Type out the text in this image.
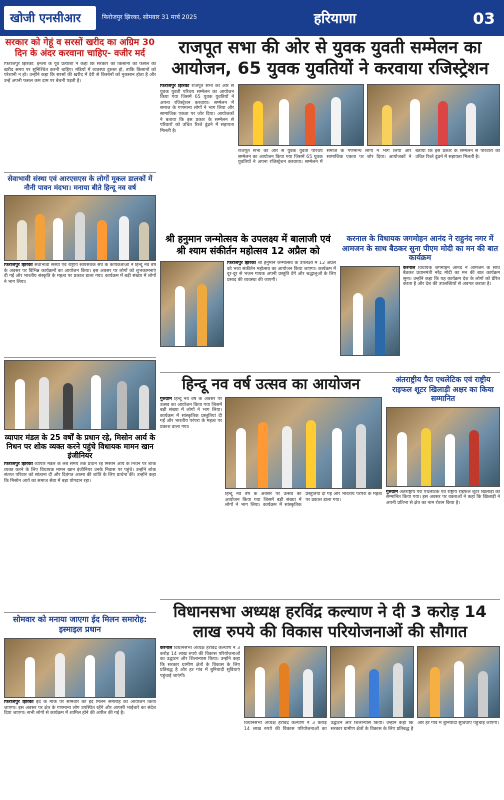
खोजी एनसीआर	फिरोजपुर झिरका, सोमवार 31 मार्च 2025	हरियाणा	03
सरकार को गेहूं व सरसों खरीद का अग्रिम 30 दिन के अंदर करवाना चाहिए- वजीर मर्द
फिरोजपुर झिरका: इनेलो के पूर्व प्रत्याशी ने कहा कि सरकार को किसानों की फसल की खरीद समय पर सुनिश्चित करनी चाहिए। मंडियों में व्यवस्था दुरुस्त हो, ताकि किसानों को परेशानी न हो। उन्होंने कहा कि सरसों की खरीद में देरी से किसानों को नुकसान होता है और उन्हें अपनी फसल कम दाम पर बेचनी पड़ती है।
सेवाभावी संस्था एवं आरएसएस के लोगों मूकल डालकों में नौनी पावन मंदभा। मनाया बीते हिन्दू नव वर्ष
फिरोजपुर झिरका सेवाभावी संस्था एवं राष्ट्रीय स्वयंसेवक संघ के कार्यकर्ताओं ने हिन्दू नव वर्ष के अवसर पर विभिन्न कार्यक्रमों का आयोजन किया। इस अवसर पर लोगों को शुभकामनाएं दी गईं और भारतीय संस्कृति के महत्व पर प्रकाश डाला गया। कार्यक्रम में बड़ी संख्या में लोगों ने भाग लिया।
व्यापार मंडल के 25 वर्षों के प्रधान रहे, मिसोन आर्य के निधन पर शोक व्यक्त करने पहुंचे विधायक मामन खान इंजीनियर
फिरोजपुर झिरका व्यापार मंडल के लंबे समय तक प्रधान रहे मिसोन आर्य के निधन पर शोक व्यक्त करने के लिए विधायक मामन खान इंजीनियर उनके निवास पर पहुंचे। उन्होंने शोक संतप्त परिवार को सांत्वना दी और दिवंगत आत्मा की शांति के लिए प्रार्थना की। उन्होंने कहा कि मिसोन आर्य का समाज सेवा में बड़ा योगदान रहा।
सोमवार को मनाया जाएगा ईद मिलन समारोह: इस्माइल प्रधान
फिरोजपुर झिरका ईद के मौके पर सोमवार को ईद मिलन समारोह का आयोजन किया जाएगा। इस अवसर पर क्षेत्र के गणमान्य लोग उपस्थित रहेंगे और आपसी भाईचारे का संदेश दिया जाएगा। सभी लोगों से कार्यक्रम में शामिल होने की अपील की गई है।
राजपूत सभा की ओर से युवक युवती सम्मेलन का आयोजन, 65 युवक युवतियों ने करवाया रजिस्ट्रेशन
फिरोजपुर झिरका राजपूत सभा की ओर से युवक युवती परिचय सम्मेलन का आयोजन किया गया जिसमें 65 युवक युवतियों ने अपना रजिस्ट्रेशन करवाया। सम्मेलन में समाज के गणमान्य लोगों ने भाग लिया और सामाजिक एकता पर जोर दिया। आयोजकों ने बताया कि इस प्रकार के सम्मेलन से परिवारों को उचित रिश्ते ढूंढने में सहायता मिलती है।
राजपूत सभा की ओर से युवक युवती परिचय सम्मेलन का आयोजन किया गया जिसमें 65 युवक युवतियों ने अपना रजिस्ट्रेशन करवाया। सम्मेलन में समाज के गणमान्य लोगों ने भाग लिया और सामाजिक एकता पर जोर दिया। आयोजकों ने बताया कि इस प्रकार के सम्मेलन से परिवारों को उचित रिश्ते ढूंढने में सहायता मिलती है।
श्री हनुमान जन्मोत्सव के उपलक्ष्य में बालाजी एवं श्री श्याम संकीर्तन महोत्सव 12 अप्रैल को
फिरोजपुर झिरका श्री हनुमान जन्मोत्सव के उपलक्ष्य में 12 अप्रैल को भव्य संकीर्तन महोत्सव का आयोजन किया जाएगा। कार्यक्रम में दूर-दूर से भजन गायक अपनी प्रस्तुति देंगे और श्रद्धालुओं के लिए प्रसाद की व्यवस्था की जाएगी।
करनाल के विधायक जगमोहन आनंद ने राहुनंद नगर में आमजन के साथ बैठकर सुना पीएम मोदी का मन की बात कार्यक्रम
करनाल विधायक जगमोहन आनंद ने आमजन के साथ बैठकर प्रधानमंत्री नरेंद्र मोदी का मन की बात कार्यक्रम सुना। उन्होंने कहा कि यह कार्यक्रम देश के लोगों को प्रेरित करता है और देश की उपलब्धियों से अवगत कराता है।
हिन्दू नव वर्ष उत्सव का आयोजन
गुरुग्राम हिन्दू नव वर्ष के अवसर पर उत्सव का आयोजन किया गया जिसमें बड़ी संख्या में लोगों ने भाग लिया। कार्यक्रम में सांस्कृतिक प्रस्तुतियां दी गईं और भारतीय परंपरा के महत्व पर प्रकाश डाला गया।
हिन्दू नव वर्ष के अवसर पर उत्सव का आयोजन किया गया जिसमें बड़ी संख्या में लोगों ने भाग लिया। कार्यक्रम में सांस्कृतिक प्रस्तुतियां दी गईं और भारतीय परंपरा के महत्व पर प्रकाश डाला गया।
अंतराष्ट्रीय पैरा एथलेटिक एवं राष्ट्रीय राइफल शूटर खिलाड़ी अक्षर का किया सम्मानित
गुरुग्राम अंतराष्ट्रीय पैरा एथलेटिक एवं राष्ट्रीय राइफल शूटर खिलाड़ी को सम्मानित किया गया। इस अवसर पर वक्ताओं ने कहा कि खिलाड़ी ने अपनी प्रतिभा से क्षेत्र का नाम रोशन किया है।
विधानसभा अध्यक्ष हरविंद्र कल्याण ने दी 3 करोड़ 14 लाख रुपये की विकास परियोजनाओं की सौगात
करनाल विधानसभा अध्यक्ष हरविंद्र कल्याण ने 3 करोड़ 14 लाख रुपये की विकास परियोजनाओं का उद्घाटन और शिलान्यास किया। उन्होंने कहा कि सरकार ग्रामीण क्षेत्रों के विकास के लिए प्रतिबद्ध है और हर गांव में बुनियादी सुविधाएं पहुंचाई जाएंगी।
विधानसभा अध्यक्ष हरविंद्र कल्याण ने 3 करोड़ 14 लाख रुपये की विकास परियोजनाओं का उद्घाटन और शिलान्यास किया। उन्होंने कहा कि सरकार ग्रामीण क्षेत्रों के विकास के लिए प्रतिबद्ध है और हर गांव में बुनियादी सुविधाएं पहुंचाई जाएंगी।
